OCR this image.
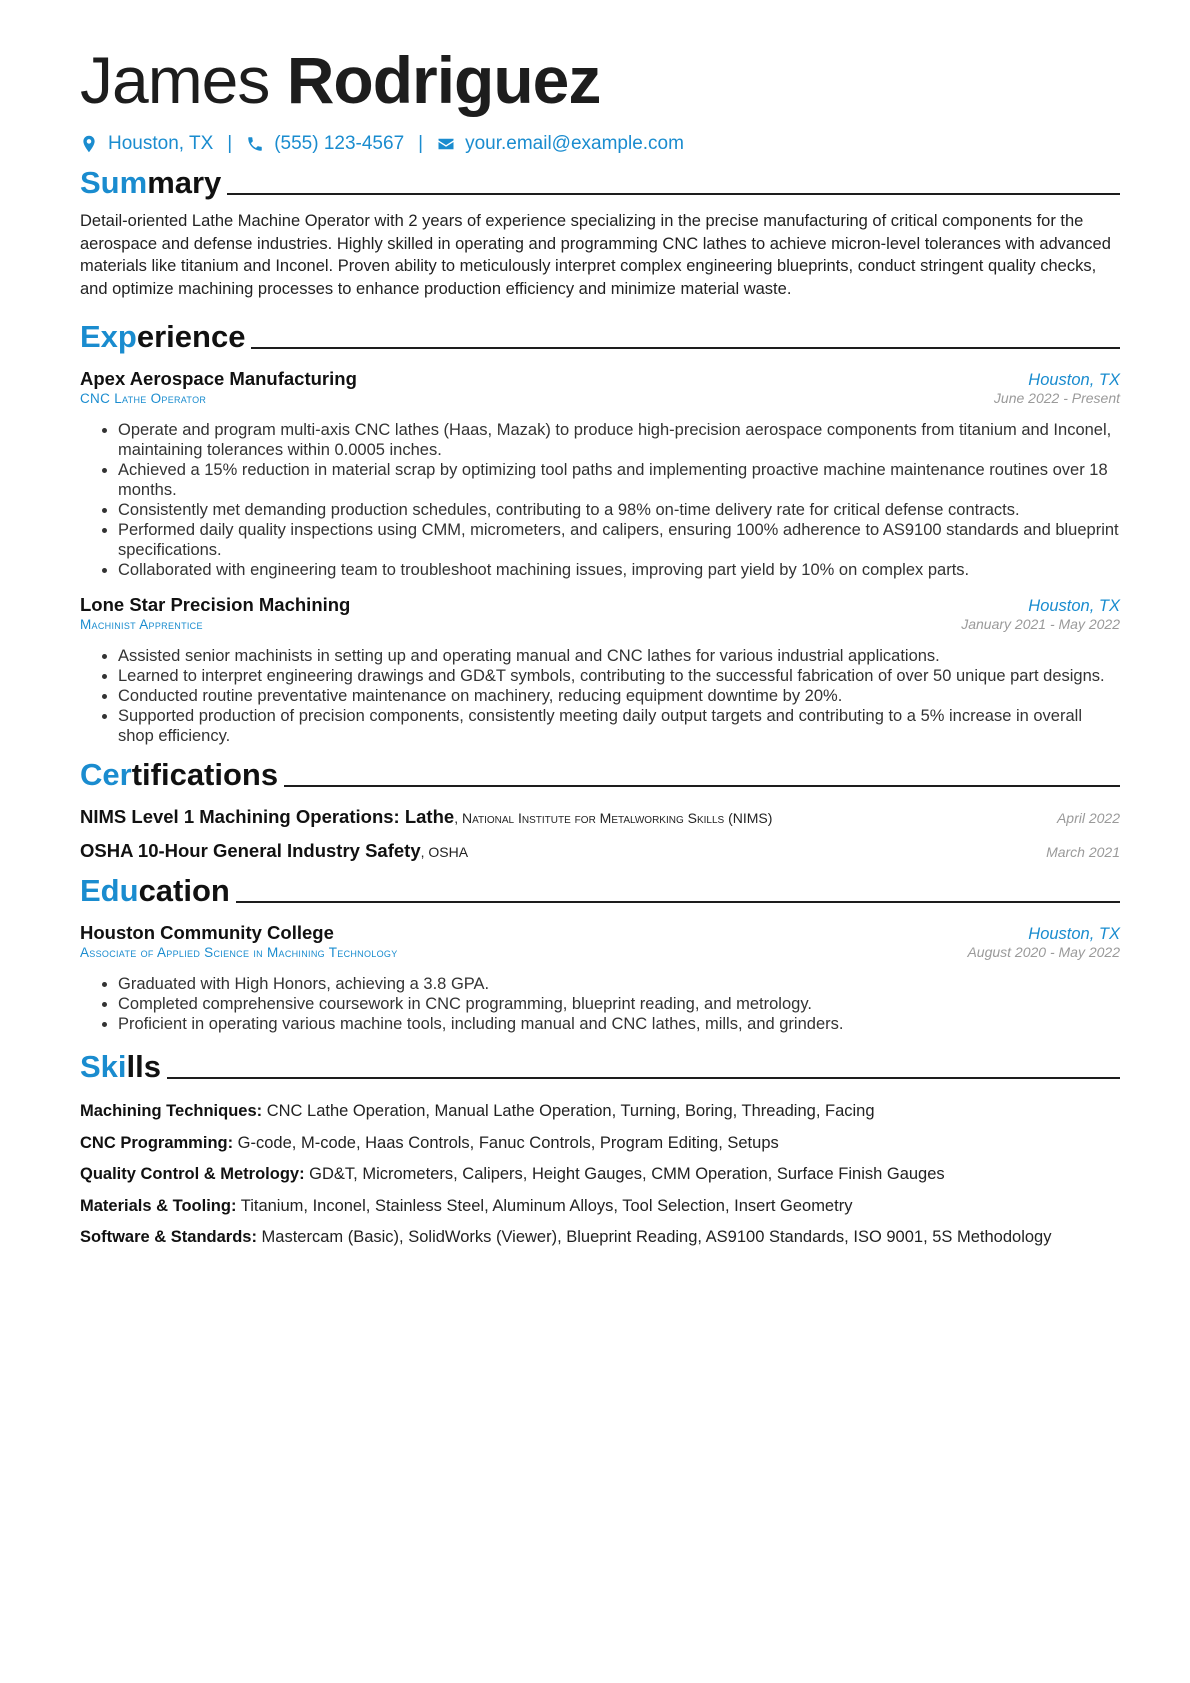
James Rodriguez
Houston, TX | (555) 123-4567 | your.email@example.com
Summary
Detail-oriented Lathe Machine Operator with 2 years of experience specializing in the precise manufacturing of critical components for the aerospace and defense industries. Highly skilled in operating and programming CNC lathes to achieve micron-level tolerances with advanced materials like titanium and Inconel. Proven ability to meticulously interpret complex engineering blueprints, conduct stringent quality checks, and optimize machining processes to enhance production efficiency and minimize material waste.
Experience
Apex Aerospace Manufacturing	Houston, TX
CNC Lathe Operator	June 2022 - Present
• Operate and program multi-axis CNC lathes (Haas, Mazak) to produce high-precision aerospace components from titanium and Inconel, maintaining tolerances within 0.0005 inches.
• Achieved a 15% reduction in material scrap by optimizing tool paths and implementing proactive machine maintenance routines over 18 months.
• Consistently met demanding production schedules, contributing to a 98% on-time delivery rate for critical defense contracts.
• Performed daily quality inspections using CMM, micrometers, and calipers, ensuring 100% adherence to AS9100 standards and blueprint specifications.
• Collaborated with engineering team to troubleshoot machining issues, improving part yield by 10% on complex parts.
Lone Star Precision Machining	Houston, TX
Machinist Apprentice	January 2021 - May 2022
• Assisted senior machinists in setting up and operating manual and CNC lathes for various industrial applications.
• Learned to interpret engineering drawings and GD&T symbols, contributing to the successful fabrication of over 50 unique part designs.
• Conducted routine preventative maintenance on machinery, reducing equipment downtime by 20%.
• Supported production of precision components, consistently meeting daily output targets and contributing to a 5% increase in overall shop efficiency.
Certifications
NIMS Level 1 Machining Operations: Lathe, National Institute for Metalworking Skills (NIMS)	April 2022
OSHA 10-Hour General Industry Safety, OSHA	March 2021
Education
Houston Community College	Houston, TX
Associate of Applied Science in Machining Technology	August 2020 - May 2022
• Graduated with High Honors, achieving a 3.8 GPA.
• Completed comprehensive coursework in CNC programming, blueprint reading, and metrology.
• Proficient in operating various machine tools, including manual and CNC lathes, mills, and grinders.
Skills
Machining Techniques: CNC Lathe Operation, Manual Lathe Operation, Turning, Boring, Threading, Facing
CNC Programming: G-code, M-code, Haas Controls, Fanuc Controls, Program Editing, Setups
Quality Control & Metrology: GD&T, Micrometers, Calipers, Height Gauges, CMM Operation, Surface Finish Gauges
Materials & Tooling: Titanium, Inconel, Stainless Steel, Aluminum Alloys, Tool Selection, Insert Geometry
Software & Standards: Mastercam (Basic), SolidWorks (Viewer), Blueprint Reading, AS9100 Standards, ISO 9001, 5S Methodology
